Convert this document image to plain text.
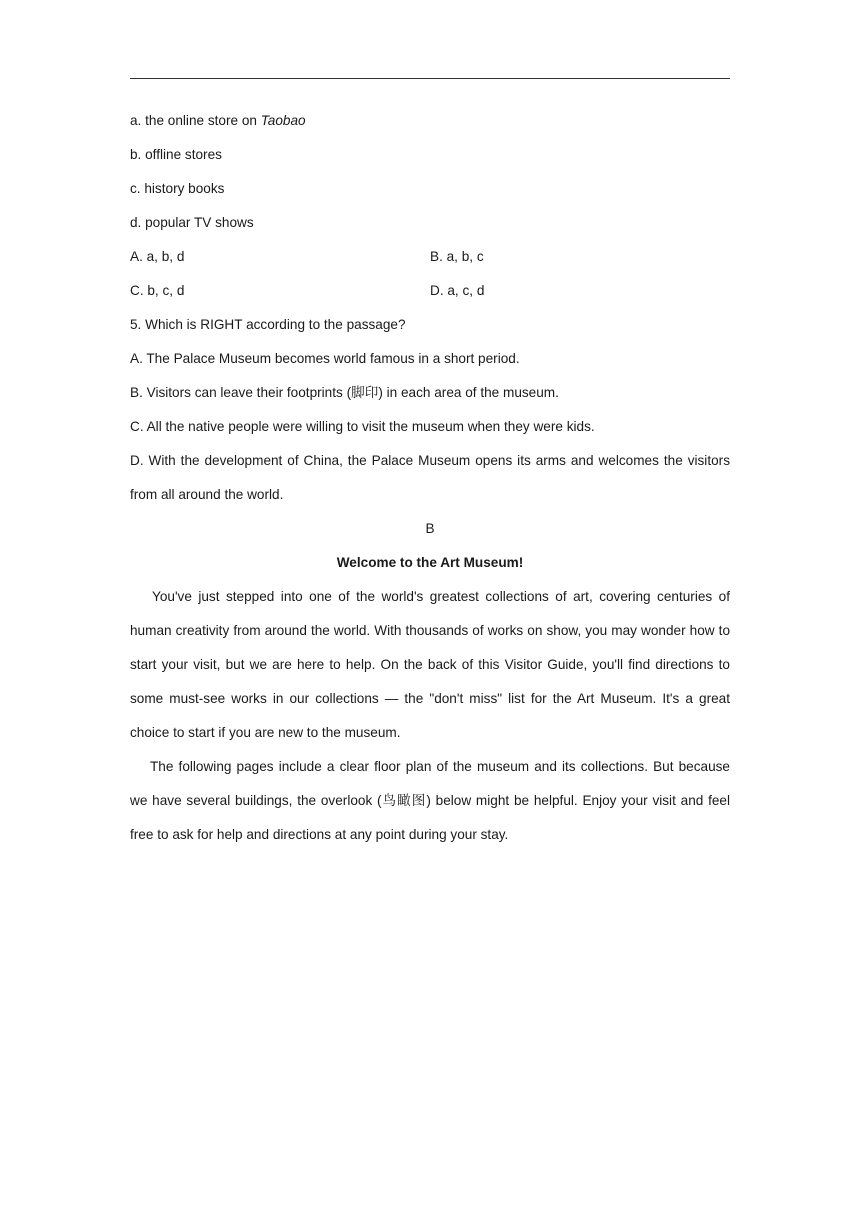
a. the online store on Taobao
b. offline stores
c. history books
d. popular TV shows
A. a, b, d	B. a, b, c
C. b, c, d	D. a, c, d
5. Which is RIGHT according to the passage?
A. The Palace Museum becomes world famous in a short period.
B. Visitors can leave their footprints (脚印) in each area of the museum.
C. All the native people were willing to visit the museum when they were kids.

D. With the development of China, the Palace Museum opens its arms and welcomes the visitors from all around the world.

B
Welcome to the Art Museum!

You've just stepped into one of the world's greatest collections of art, covering centuries of human creativity from around the world. With thousands of works on show, you may wonder how to start your visit, but we are here to help. On the back of this Visitor Guide, you'll find directions to some must-see works in our collections — the "don't miss" list for the Art Museum. It's a great choice to start if you are new to the museum.

The following pages include a clear floor plan of the museum and its collections. But because we have several buildings, the overlook (鸟瞰图) below might be helpful. Enjoy your visit and feel free to ask for help and directions at any point during your stay.
